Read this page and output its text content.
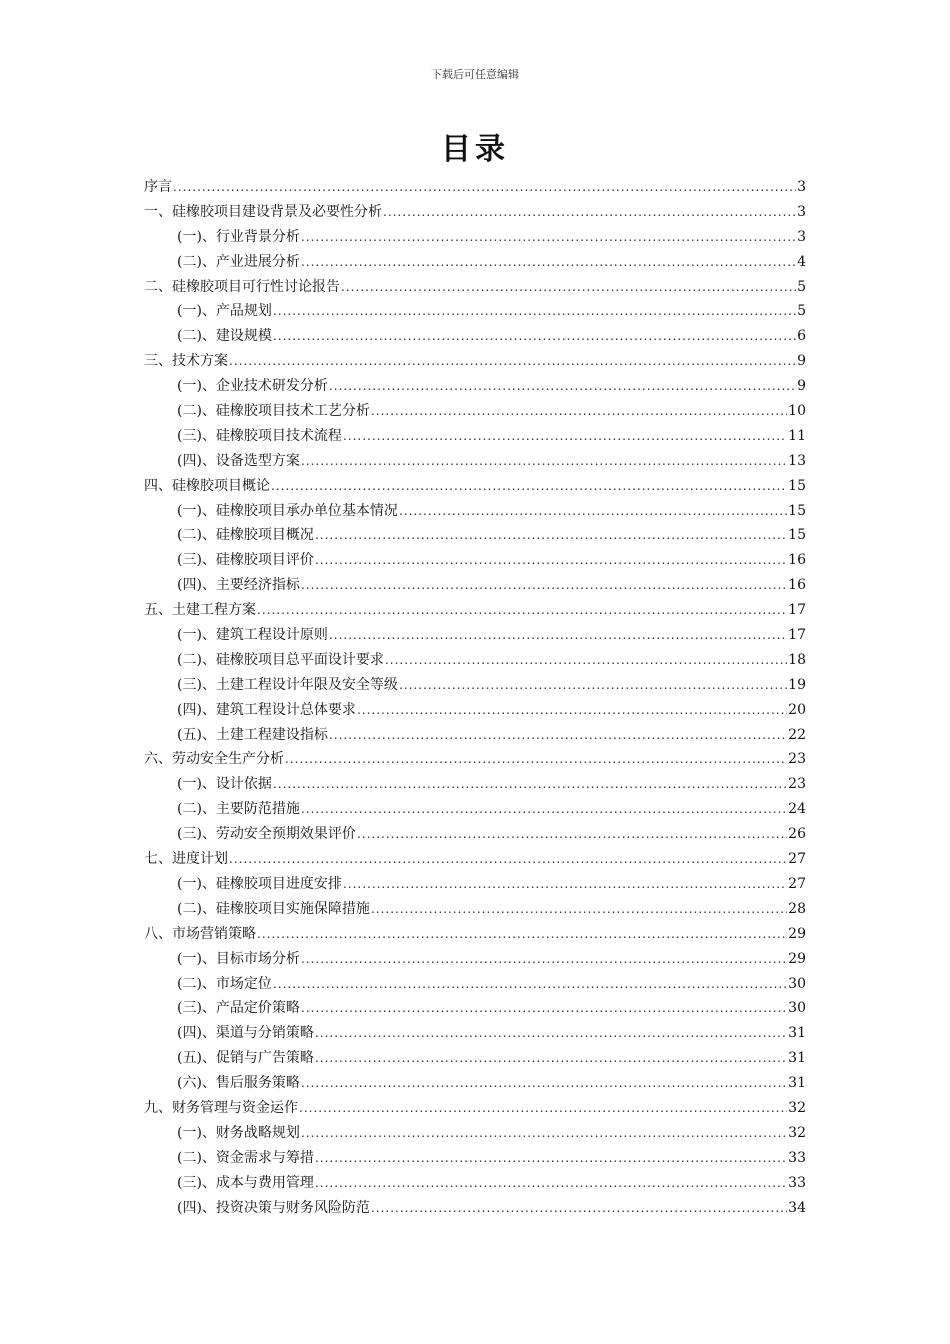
下载后可任意编辑
目录
序言 .....	3
一、硅橡胶项目建设背景及必要性分析 .....	3
(一)、行业背景分析 .....	3
(二)、产业进展分析 .....	4
二、硅橡胶项目可行性讨论报告 .....	5
(一)、产品规划 .....	5
(二)、建设规模 .....	6
三、技术方案 .....	9
(一)、企业技术研发分析 .....	9
(二)、硅橡胶项目技术工艺分析 .....	10
(三)、硅橡胶项目技术流程 .....	11
(四)、设备选型方案 .....	13
四、硅橡胶项目概论 .....	15
(一)、硅橡胶项目承办单位基本情况 .....	15
(二)、硅橡胶项目概况 .....	15
(三)、硅橡胶项目评价 .....	16
(四)、主要经济指标 .....	16
五、土建工程方案 .....	17
(一)、建筑工程设计原则 .....	17
(二)、硅橡胶项目总平面设计要求 .....	18
(三)、土建工程设计年限及安全等级 .....	19
(四)、建筑工程设计总体要求 .....	20
(五)、土建工程建设指标 .....	22
六、劳动安全生产分析 .....	23
(一)、设计依据 .....	23
(二)、主要防范措施 .....	24
(三)、劳动安全预期效果评价 .....	26
七、进度计划 .....	27
(一)、硅橡胶项目进度安排 .....	27
(二)、硅橡胶项目实施保障措施 .....	28
八、市场营销策略 .....	29
(一)、目标市场分析 .....	29
(二)、市场定位 .....	30
(三)、产品定价策略 .....	30
(四)、渠道与分销策略 .....	31
(五)、促销与广告策略 .....	31
(六)、售后服务策略 .....	31
九、财务管理与资金运作 .....	32
(一)、财务战略规划 .....	32
(二)、资金需求与筹措 .....	33
(三)、成本与费用管理 .....	33
(四)、投资决策与财务风险防范 .....	34
